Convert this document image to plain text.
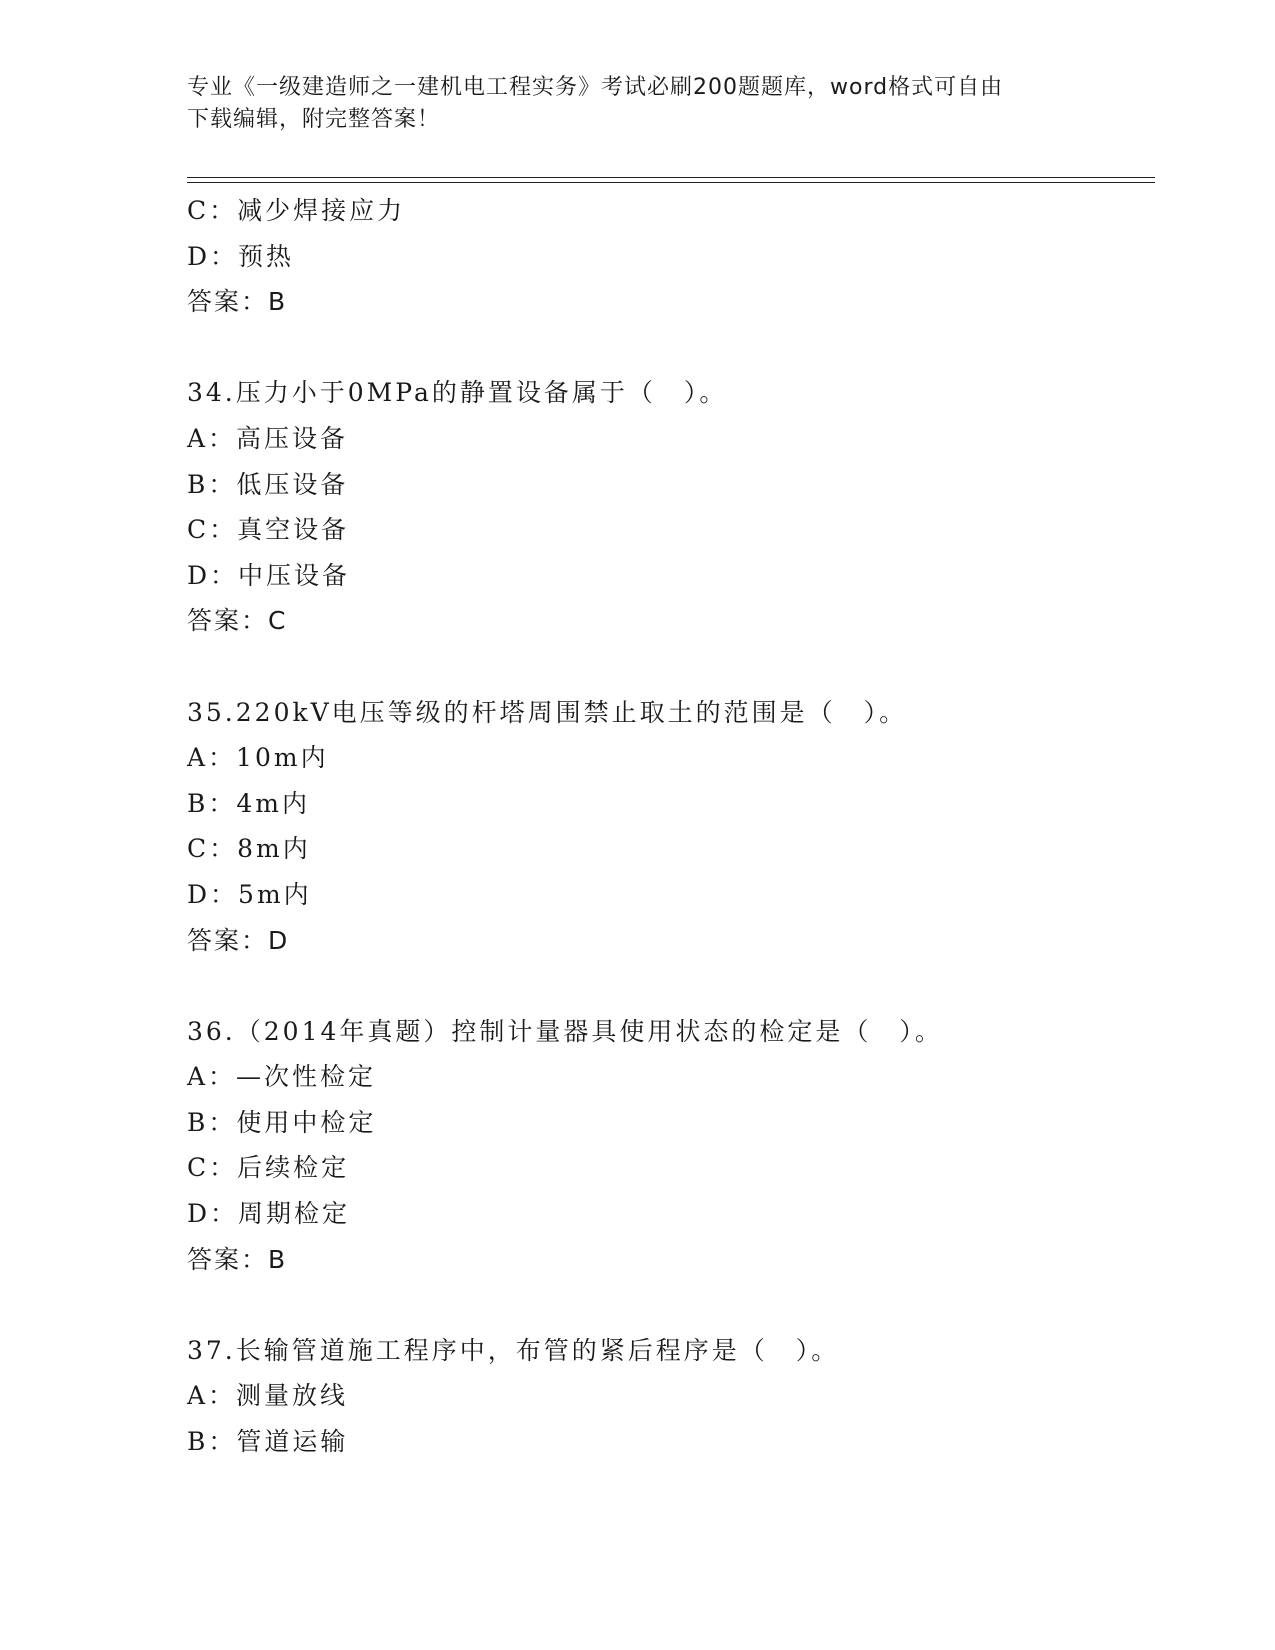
专业《一级建造师之一建机电工程实务》考试必刷200题题库，word格式可自由
下载编辑，附完整答案！
C：减少焊接应力
D：预热
答案：B
34.压力小于0MPa的静置设备属于（　）。
A：高压设备
B：低压设备
C：真空设备
D：中压设备
答案：C
35.220kV电压等级的杆塔周围禁止取土的范围是（　）。
A：10m内
B：4m内
C：8m内
D：5m内
答案：D
36.（2014年真题）控制计量器具使用状态的检定是（　）。
A：—次性检定
B：使用中检定
C：后续检定
D：周期检定
答案：B
37.长输管道施工程序中，布管的紧后程序是（　）。
A：测量放线
B：管道运输
